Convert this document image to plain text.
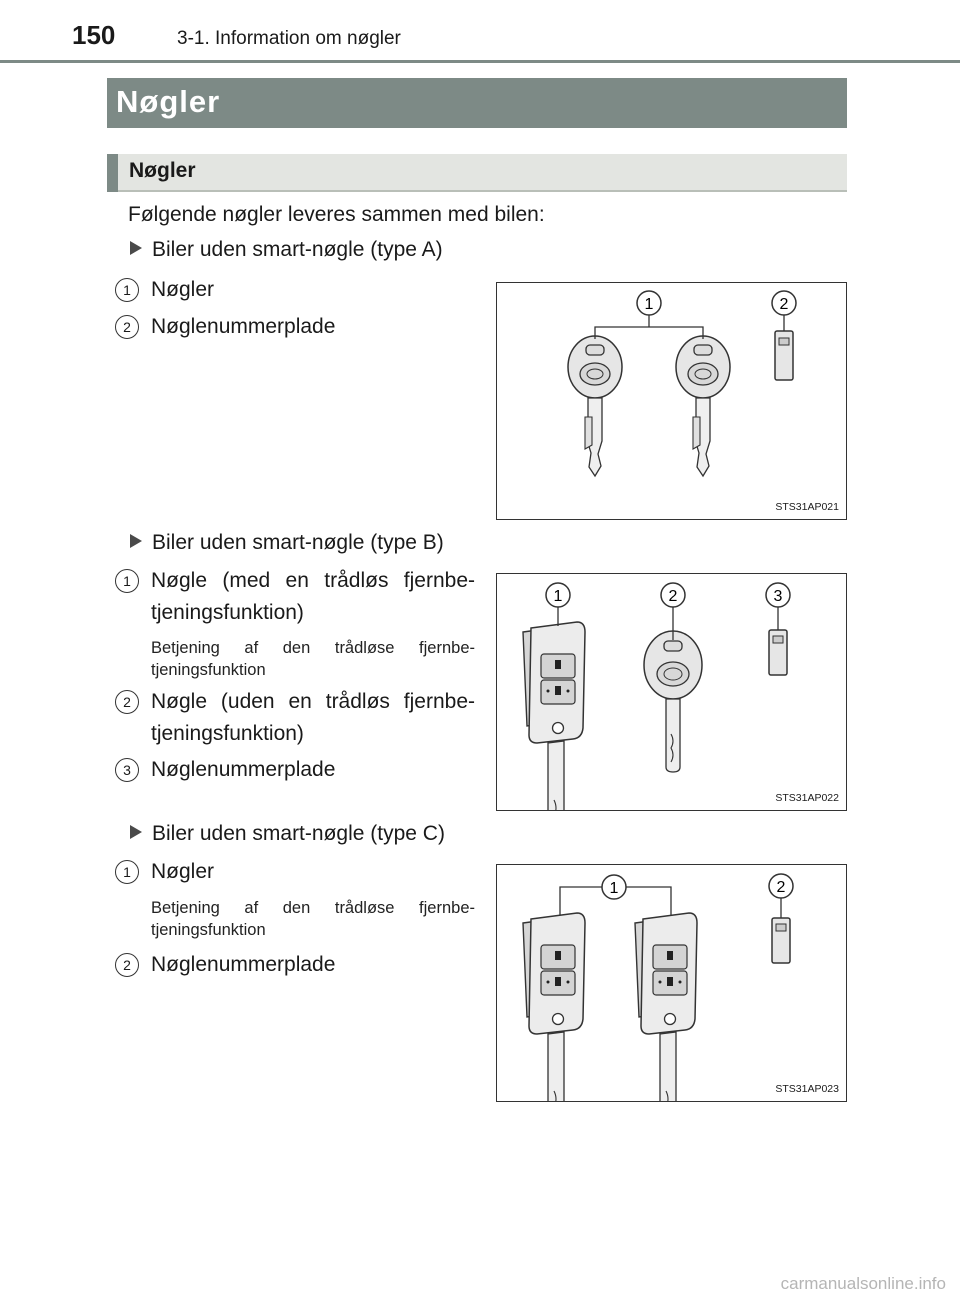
150	3-1. Information om nøgler
Nøgler
Nøgler
Følgende nøgler leveres sammen med bilen:
Biler uden smart-nøgle (type A)
1 Nøgler
2 Nøglenummerplade
1	2
STS31AP021
Biler uden smart-nøgle (type B)
1 Nøgle (med en trådløs fjernbe-tjeningsfunktion)
Betjening af den trådløse fjernbe-tjeningsfunktion
2 Nøgle (uden en trådløs fjernbe-tjeningsfunktion)
3 Nøglenummerplade
1	2	3
STS31AP022
Biler uden smart-nøgle (type C)
1 Nøgler
Betjening af den trådløse fjernbe-tjeningsfunktion
2 Nøglenummerplade
1	2
STS31AP023
carmanualsonline.info
